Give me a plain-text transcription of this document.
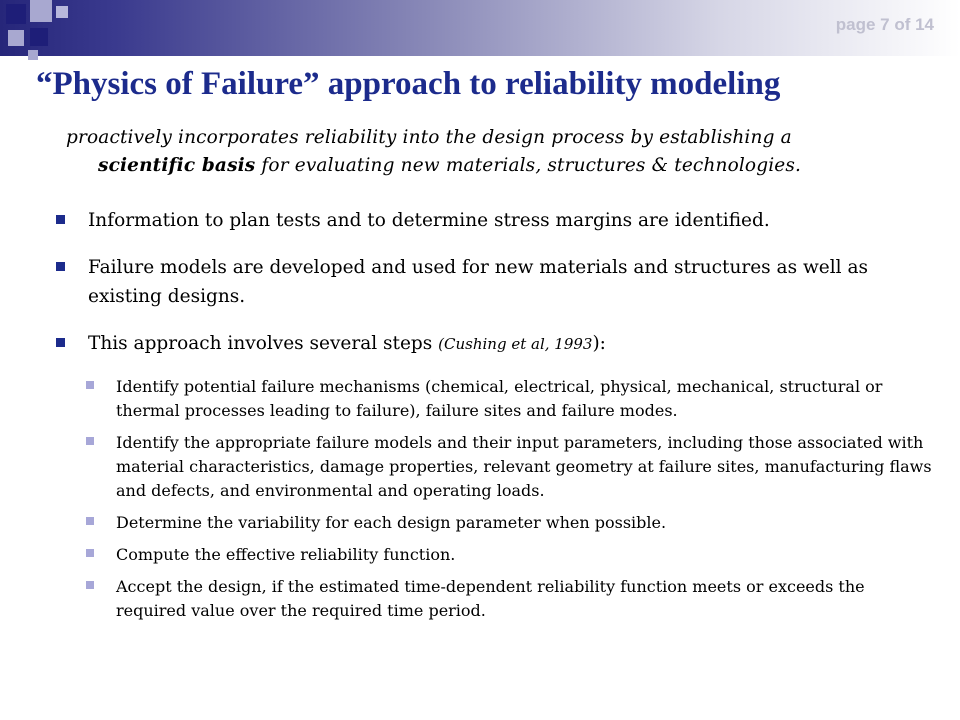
page 7 of 14
“Physics of Failure” approach to reliability modeling
proactively incorporates reliability into the design process by establishing a
scientific basis for evaluating new materials, structures & technologies.
Information to plan tests and to determine stress margins are identified.
Failure models are developed and used for new materials and structures as well as existing designs.
This approach involves several steps (Cushing et al, 1993):
Identify potential failure mechanisms (chemical, electrical, physical, mechanical, structural or thermal processes leading to failure), failure sites and failure modes.
Identify the appropriate failure models and their input parameters, including those associated with material characteristics, damage properties, relevant geometry at failure sites, manufacturing flaws and defects, and environmental and operating loads.
Determine the variability for each design parameter when possible.
Compute the effective reliability function.
Accept the design, if the estimated time-dependent reliability function meets or exceeds the required value over the required time period.
